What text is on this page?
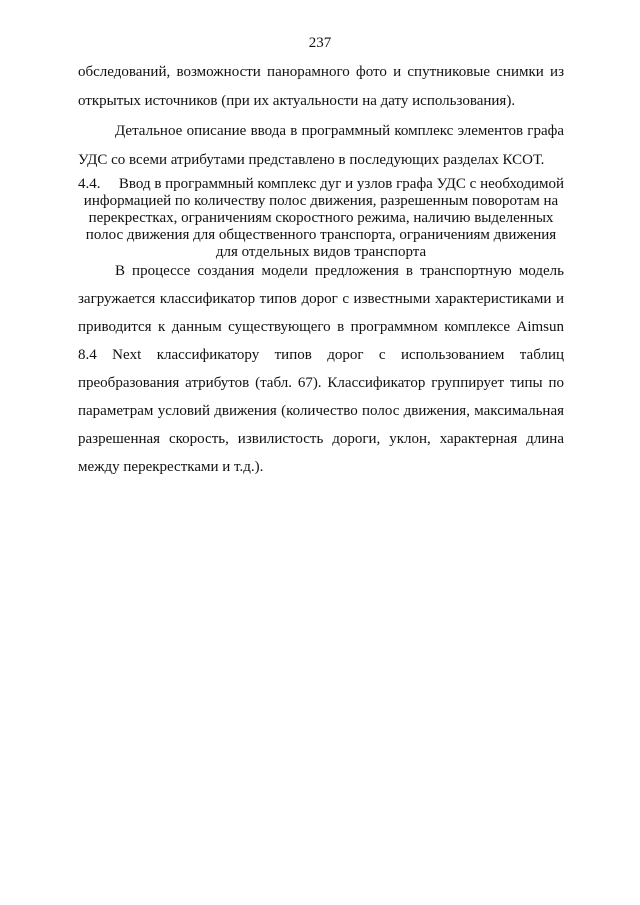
237
обследований, возможности панорамного фото и спутниковые снимки из
открытых источников (при их актуальности на дату использования).
Детальное описание ввода в программный комплекс элементов графа
УДС со всеми атрибутами представлено в последующих разделах КСОТ.
4.4. Ввод в программный комплекс дуг и узлов графа УДС с необходимой
информацией по количеству полос движения, разрешенным поворотам на
перекрестках, ограничениям скоростного режима, наличию выделенных
полос движения для общественного транспорта, ограничениям движения
для отдельных видов транспорта
В процессе создания модели предложения в транспортную модель
загружается классификатор типов дорог с известными характеристиками и
приводится к данным существующего в программном комплексе Aimsun
8.4 Next классификатору типов дорог с использованием таблиц
преобразования атрибутов (табл. 67). Классификатор группирует типы по
параметрам условий движения (количество полос движения, максимальная
разрешенная скорость, извилистость дороги, уклон, характерная длина
между перекрестками и т.д.).
